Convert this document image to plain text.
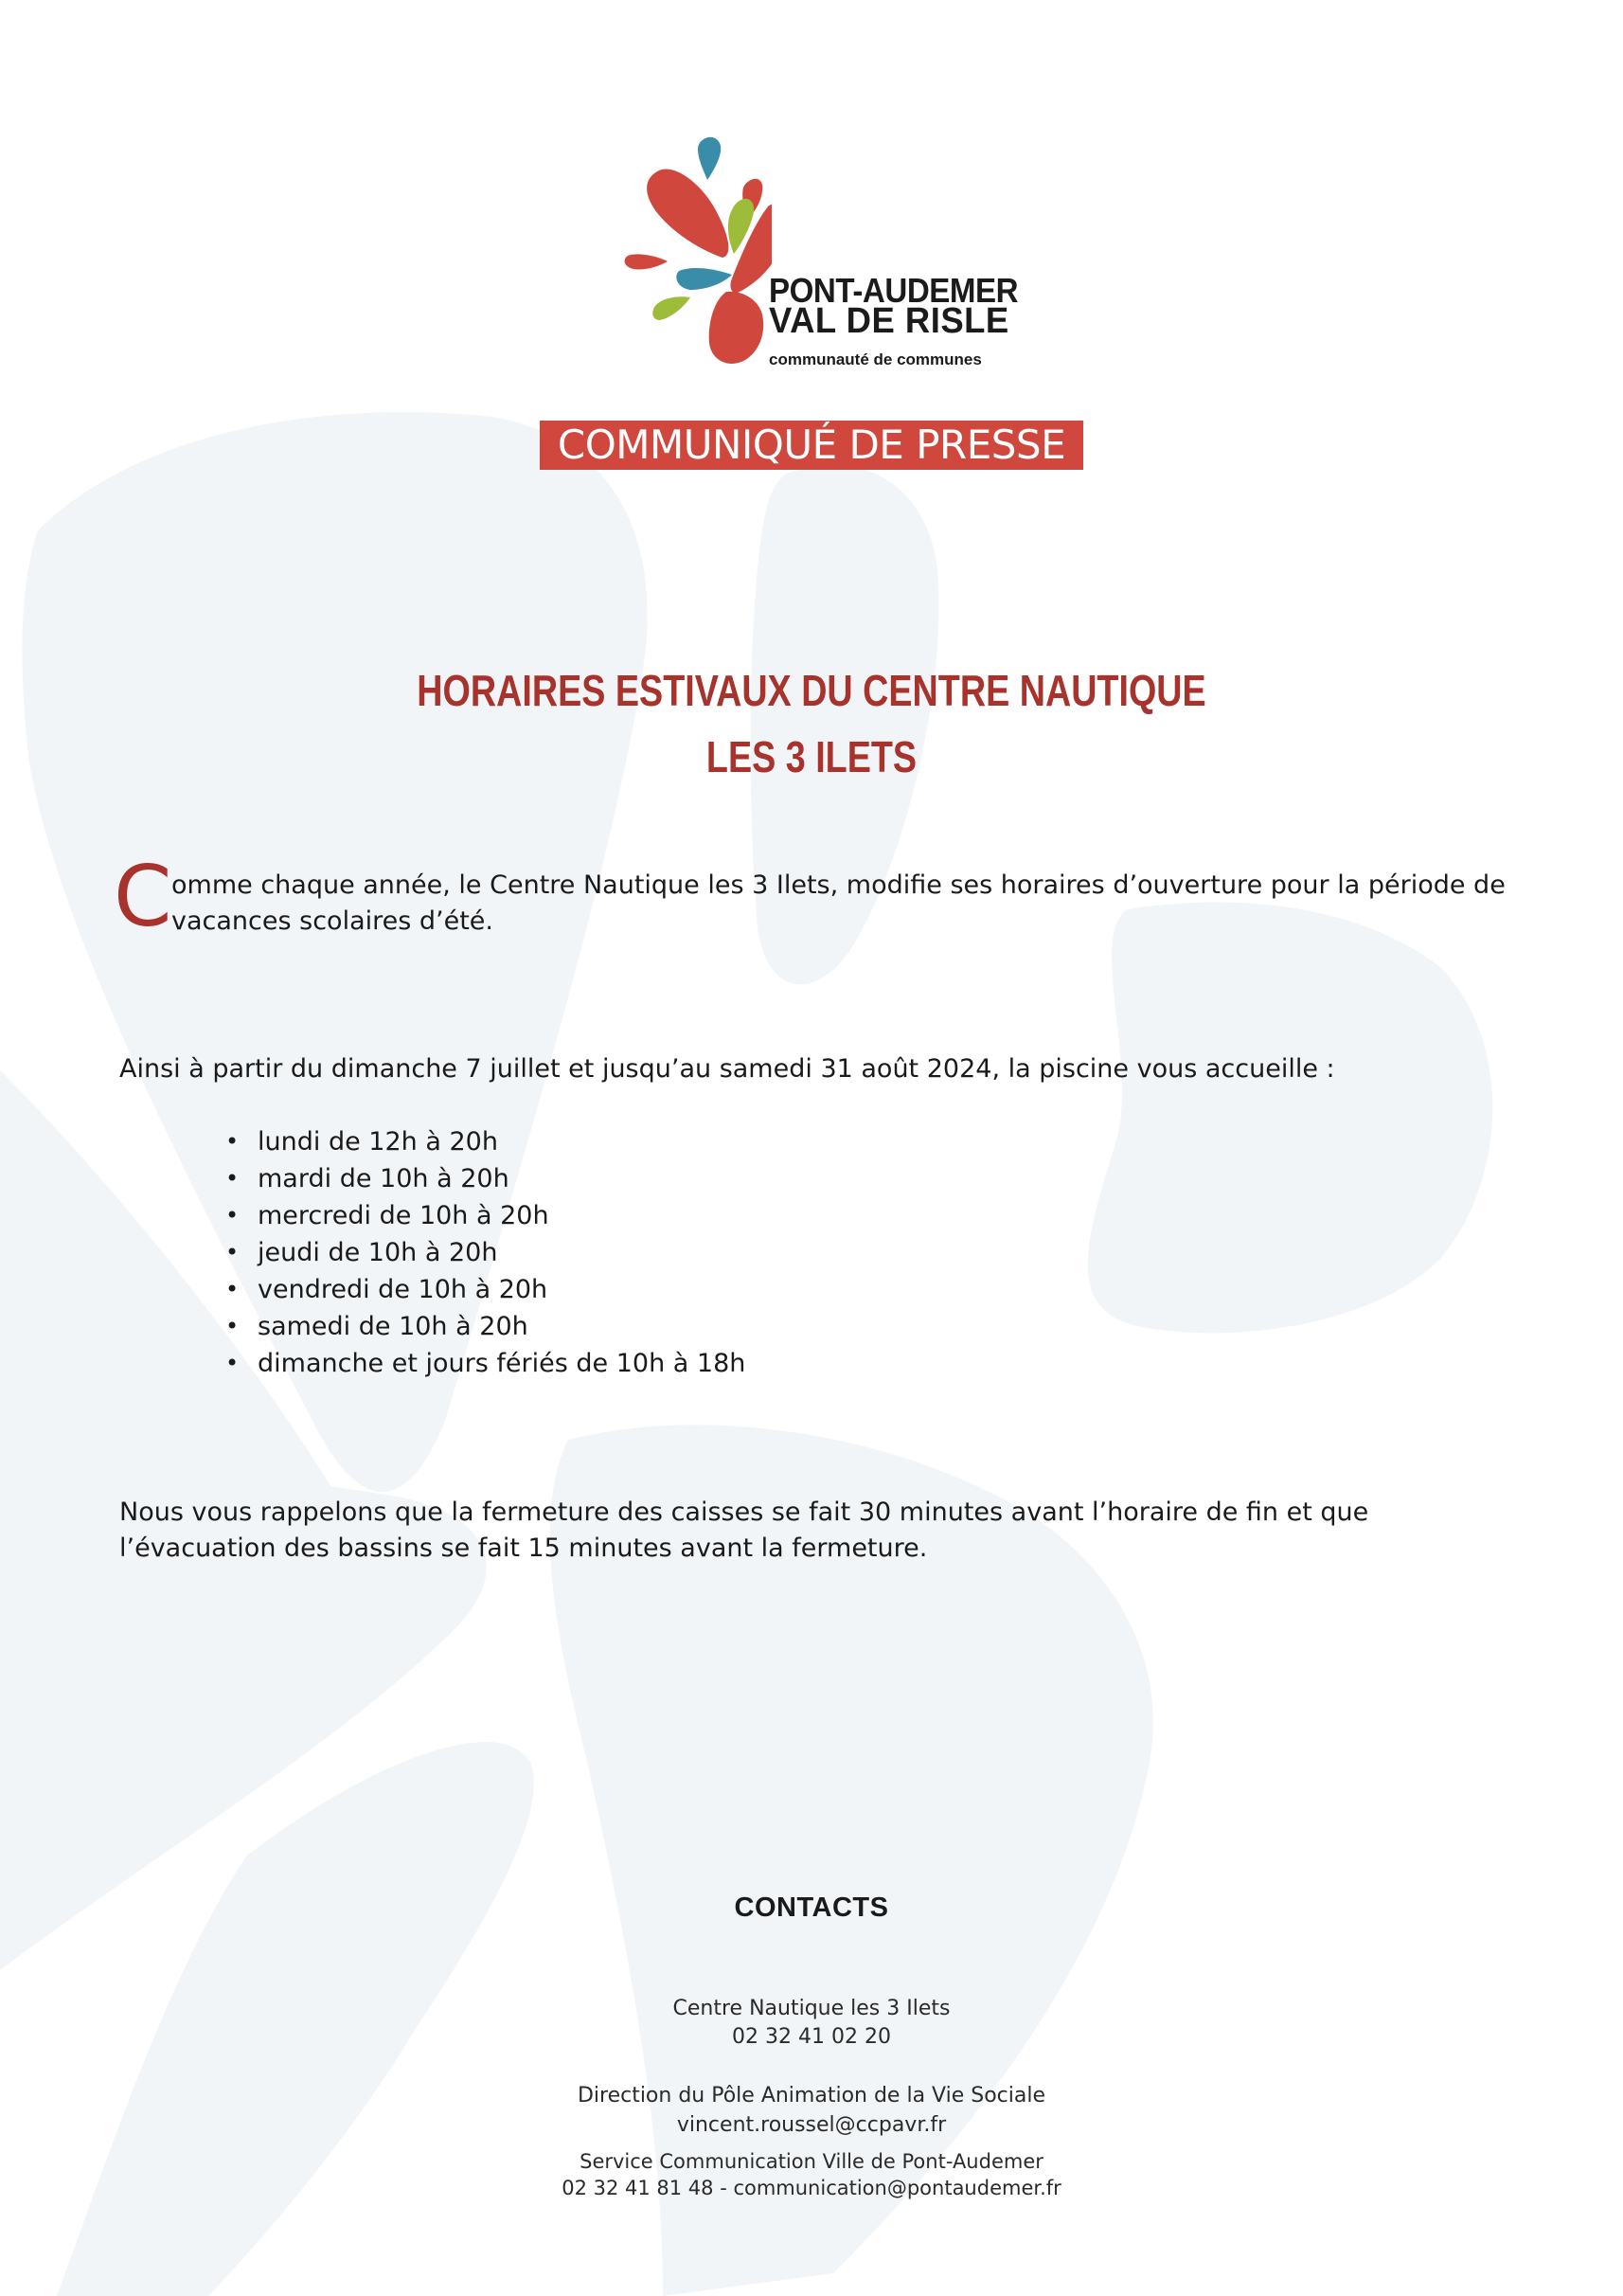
PONT-AUDEMER
VAL DE RISLE
communauté de communes
COMMUNIQUÉ DE PRESSE
HORAIRES ESTIVAUX DU CENTRE NAUTIQUE
LES 3 ILETS
C omme chaque année, le Centre Nautique les 3 Ilets, modifie ses horaires d’ouverture pour la période de
vacances scolaires d’été.
Ainsi à partir du dimanche 7 juillet et jusqu’au samedi 31 août 2024, la piscine vous accueille :
• lundi de 12h à 20h
• mardi de 10h à 20h
• mercredi de 10h à 20h
• jeudi de 10h à 20h
• vendredi de 10h à 20h
• samedi de 10h à 20h
• dimanche et jours fériés de 10h à 18h
Nous vous rappelons que la fermeture des caisses se fait 30 minutes avant l’horaire de fin et que
l’évacuation des bassins se fait 15 minutes avant la fermeture.
CONTACTS
Centre Nautique les 3 Ilets
02 32 41 02 20
Direction du Pôle Animation de la Vie Sociale
vincent.roussel@ccpavr.fr
Service Communication Ville de Pont-Audemer
02 32 41 81 48 - communication@pontaudemer.fr
